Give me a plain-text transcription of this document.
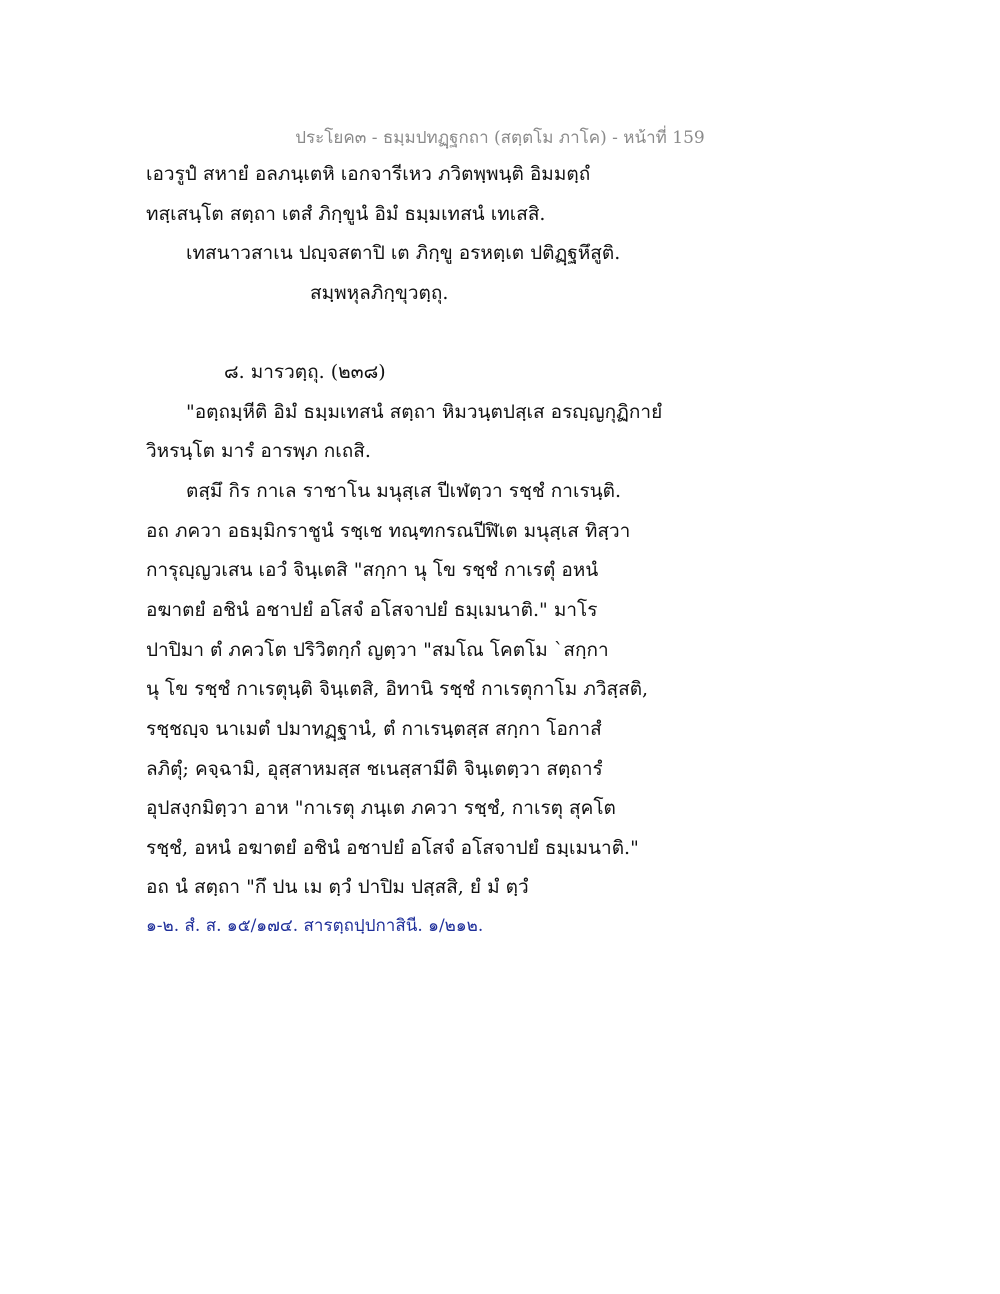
ประโยค๓ - ธมฺมปทฏฺฐกถา (สตฺตโม ภาโค) - หน้าที่ 159
เอวรูปํ สหายํ อลภนฺเตหิ เอกจารีเหว ภวิตพฺพนฺติ อิมมตฺถํ
ทสฺเสนฺโต สตฺถา เตสํ ภิกฺขูนํ อิมํ ธมฺมเทสนํ เทเสสิ.
เทสนาวสาเน ปญฺจสตาปิ เต ภิกฺขู อรหตฺเต ปติฏฺฐหึสูติ.
สมฺพหุลภิกฺขุวตฺถุ.
๘. มารวตฺถุ. (๒๓๘)
"อตฺถมฺหีติ อิมํ ธมฺมเทสนํ สตฺถา หิมวนฺตปสฺเส อรญฺญกุฏิกายํ
วิหรนฺโต มารํ อารพฺภ กเถสิ.
ตสฺมึ กิร กาเล ราชาโน มนุสฺเส ปีเฬตฺวา รชฺชํ กาเรนฺติ.
อถ ภควา อธมฺมิกราชูนํ รชฺเช ทณฺฑกรณปีฬิเต มนุสฺเส ทิสฺวา
การุญฺญวเสน เอวํ จินฺเตสิ "สกฺกา นุ โข รชฺชํ กาเรตุํ อหนํ
อฆาตยํ อชินํ อชาปยํ อโสจํ อโสจาปยํ ธมฺเมนาติ." มาโร
ปาปิมา ตํ ภควโต ปริวิตกฺกํ ญตฺวา "สมโณ โคตโม `สกฺกา
นุ โข รชฺชํ กาเรตุนฺติ จินฺเตสิ, อิทานิ รชฺชํ กาเรตุกาโม ภวิสฺสติ,
รชฺชญฺจ นาเมตํ ปมาทฏฺฐานํ, ตํ กาเรนฺตสฺส สกฺกา โอกาสํ
ลภิตุํ; คจฺฉามิ, อุสฺสาหมสฺส ชเนสฺสามีติ จินฺเตตฺวา สตฺถารํ
อุปสงฺกมิตฺวา อาห "กาเรตุ ภนฺเต ภควา รชฺชํ, กาเรตุ สุคโต
รชฺชํ, อหนํ อฆาตยํ อชินํ อชาปยํ อโสจํ อโสจาปยํ ธมฺเมนาติ."
อถ นํ สตฺถา "กึ ปน เม ตฺวํ ปาปิม ปสฺสสิ, ยํ มํ ตฺวํ
๑-๒. สํ. ส. ๑๕/๑๗๔. สารตฺถปฺปกาสินี. ๑/๒๑๒.
